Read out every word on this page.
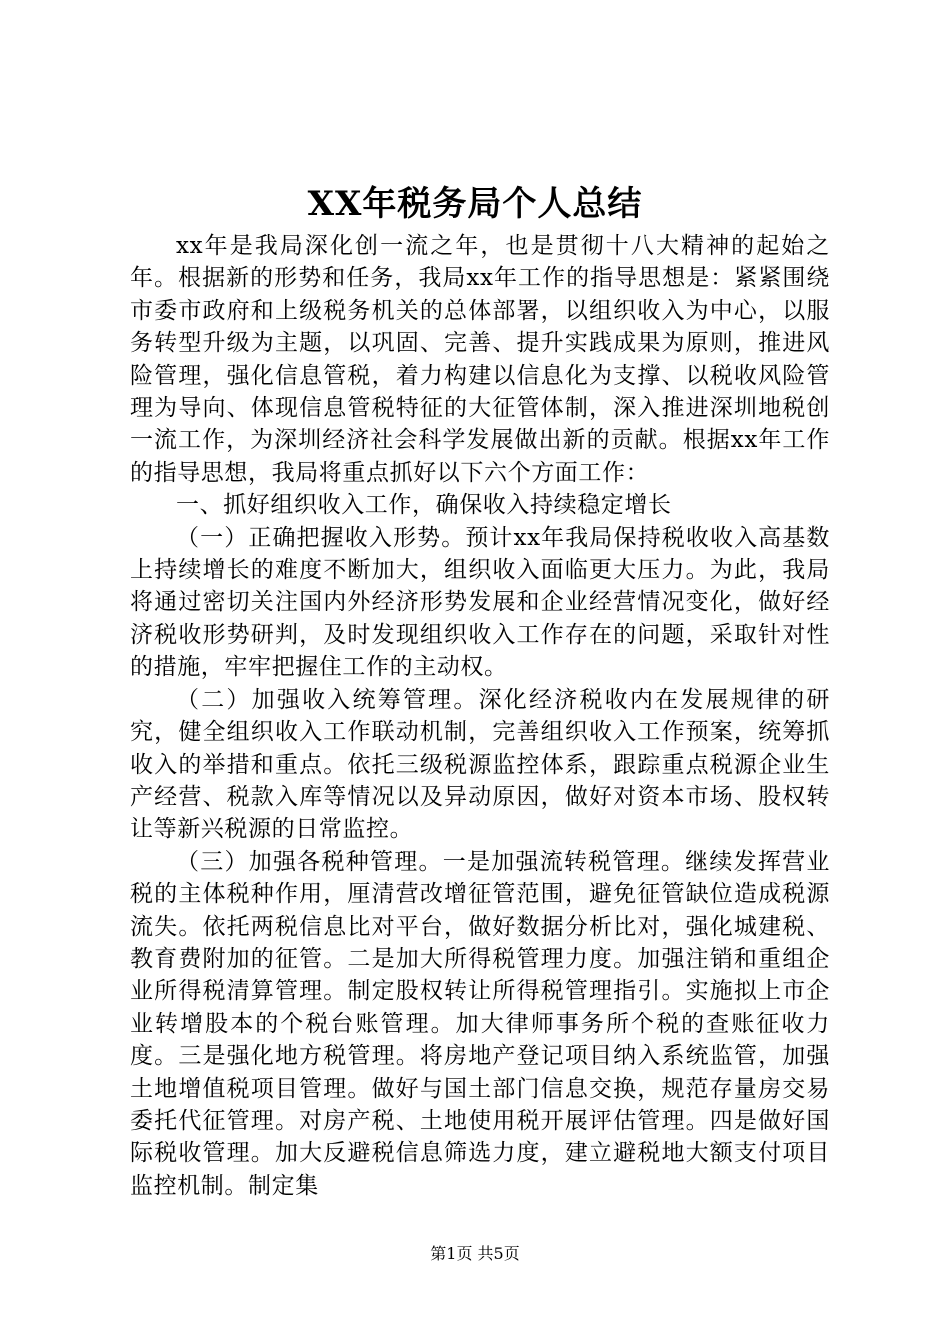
XX年税务局个人总结

xx年是我局深化创一流之年，也是贯彻十八大精神的起始之年。根据新的形势和任务，我局xx年工作的指导思想是：紧紧围绕市委市政府和上级税务机关的总体部署，以组织收入为中心，以服务转型升级为主题，以巩固、完善、提升实践成果为原则，推进风险管理，强化信息管税，着力构建以信息化为支撑、以税收风险管理为导向、体现信息管税特征的大征管体制，深入推进深圳地税创一流工作，为深圳经济社会科学发展做出新的贡献。根据xx年工作的指导思想，我局将重点抓好以下六个方面工作：

一、抓好组织收入工作，确保收入持续稳定增长

（一）正确把握收入形势。预计xx年我局保持税收收入高基数上持续增长的难度不断加大，组织收入面临更大压力。为此，我局将通过密切关注国内外经济形势发展和企业经营情况变化，做好经济税收形势研判，及时发现组织收入工作存在的问题，采取针对性的措施，牢牢把握住工作的主动权。

（二）加强收入统筹管理。深化经济税收内在发展规律的研究，健全组织收入工作联动机制，完善组织收入工作预案，统筹抓收入的举措和重点。依托三级税源监控体系，跟踪重点税源企业生产经营、税款入库等情况以及异动原因，做好对资本市场、股权转让等新兴税源的日常监控。

（三）加强各税种管理。一是加强流转税管理。继续发挥营业税的主体税种作用，厘清营改增征管范围，避免征管缺位造成税源流失。依托两税信息比对平台，做好数据分析比对，强化城建税、教育费附加的征管。二是加大所得税管理力度。加强注销和重组企业所得税清算管理。制定股权转让所得税管理指引。实施拟上市企业转增股本的个税台账管理。加大律师事务所个税的查账征收力度。三是强化地方税管理。将房地产登记项目纳入系统监管，加强土地增值税项目管理。做好与国土部门信息交换，规范存量房交易委托代征管理。对房产税、土地使用税开展评估管理。四是做好国际税收管理。加大反避税信息筛选力度，建立避税地大额支付项目监控机制。制定集

第1页 共5页
